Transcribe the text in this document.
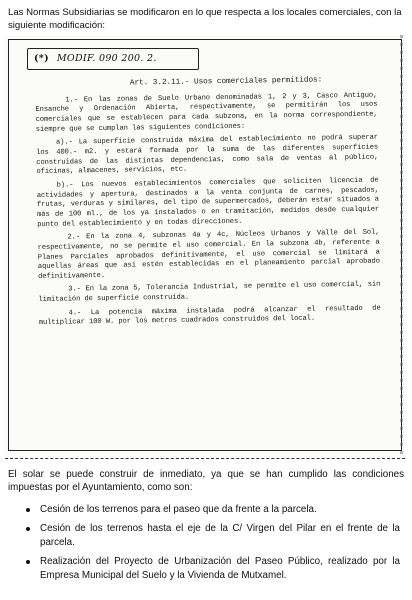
Las Normas Subsidiarias se modificaron en lo que respecta a los locales comerciales, con la siguiente modificación:
(*) MODIF. 090 200. 2.
Art. 3.2.11.- Usos comerciales permitidos:

1.- En las zonas de Suelo Urbano denominadas 1, 2 y 3, Casco Antiguo, Ensanche y Ordenación Abierta, respectivamente, se permitirán los usos comerciales que se establecen para cada subzona, en la norma correspondiente, siempre que se cumplan las siguientes condiciones:

a).- La superficie construida máxima del establecimiento no podrá superar los 400.- m2. y estará formada por la suma de las diferentes superficies construidas de las distintas dependencias, como sala de ventas al público, oficinas, almacenes, servicios, etc.

b).- Los nuevos establecimientos comerciales que soliciten licencia de actividades y apertura, destinados a la venta conjunta de carnes, pescados, frutas, verduras y similares, del tipo de supermercados, deberán estar situados a más de 100 ml., de los ya instalados o en tramitación, medidos desde cualquier punto del establecimiento y en todas direcciones.

2.- En la zona 4, subzonas 4a y 4c, Núcleos Urbanos y Valle del Sol, respectivamente, no se permite el uso comercial. En la subzona 4b, referente a Planes Parciales aprobados definitivamente, el uso comercial se limitará a aquellas áreas que así estén establecidas en el planeamiento parcial aprobado definitivamente.

3.- En la zona 5, Tolerancia Industrial, se permite el uso comercial, sin limitación de superficie construida.

4.- La potencia máxima instalada podrá alcanzar el resultado de multiplicar 100 W. por los metros cuadrados construidos del local.

El solar se puede construir de inmediato, ya que se han cumplido las condiciones impuestas por el Ayuntamiento, como son:
Cesión de los terrenos para el paseo que da frente a la parcela.
Cesión de los terrenos hasta el eje de la C/ Virgen del Pilar en el frente de la parcela.
Realización del Proyecto de Urbanización del Paseo Público, realizado por la Empresa Municipal del Suelo y la Vivienda de Mutxamel.
